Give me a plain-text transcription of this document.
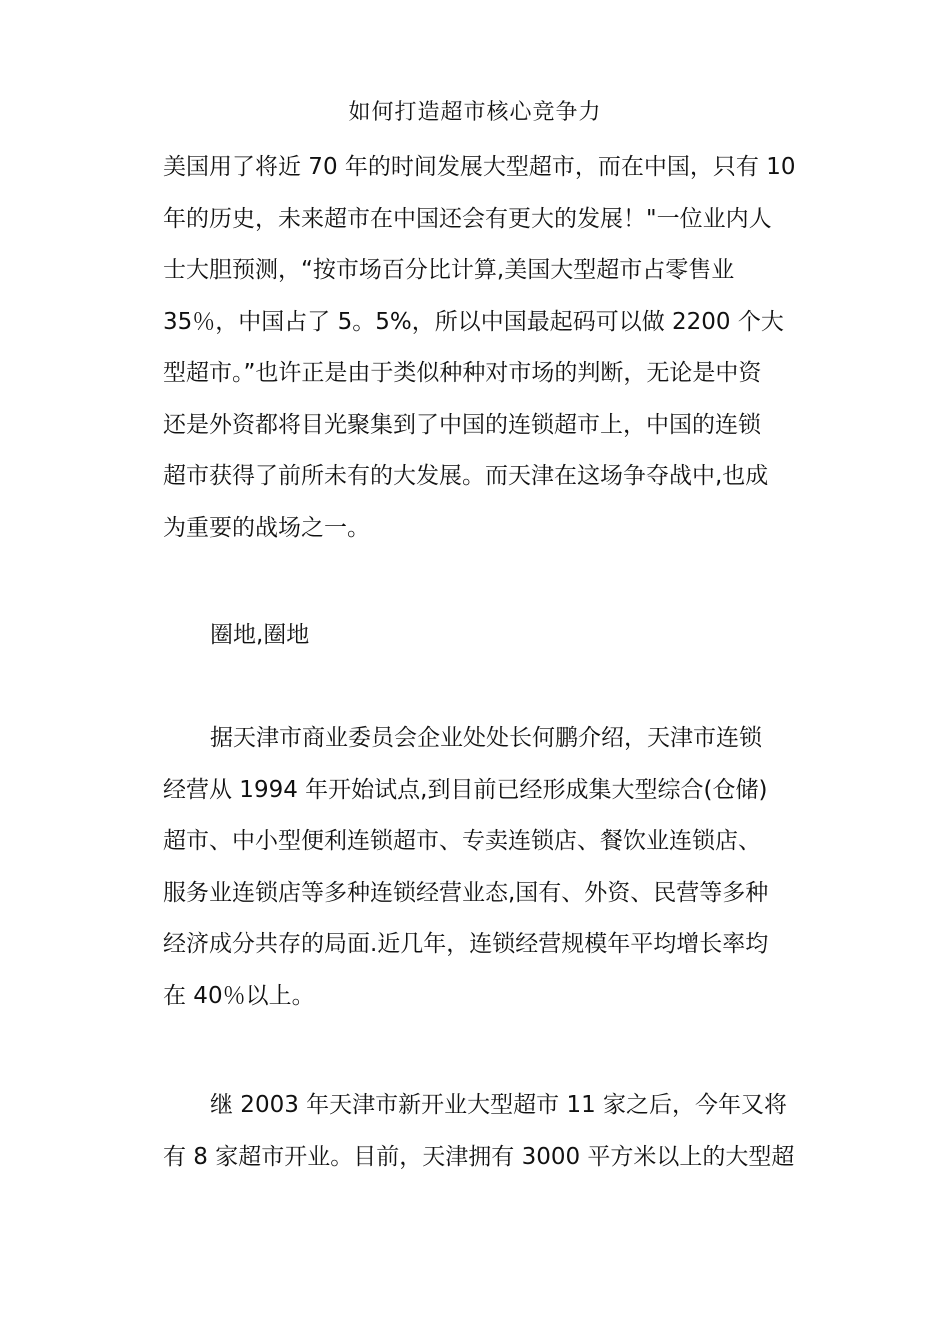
如何打造超市核心竞争力
美国用了将近 70 年的时间发展大型超市，而在中国，只有 10
年的历史，未来超市在中国还会有更大的发展！"一位业内人
士大胆预测，“按市场百分比计算,美国大型超市占零售业
35％，中国占了 5。5%，所以中国最起码可以做 2200 个大
型超市。”也许正是由于类似种种对市场的判断，无论是中资
还是外资都将目光聚集到了中国的连锁超市上，中国的连锁
超市获得了前所未有的大发展。而天津在这场争夺战中,也成
为重要的战场之一。
圈地,圈地
据天津市商业委员会企业处处长何鹏介绍，天津市连锁
经营从 1994 年开始试点,到目前已经形成集大型综合(仓储)
超市、中小型便利连锁超市、专卖连锁店、餐饮业连锁店、
服务业连锁店等多种连锁经营业态,国有、外资、民营等多种
经济成分共存的局面.近几年，连锁经营规模年平均增长率均
在 40％以上。
继 2003 年天津市新开业大型超市 11 家之后，今年又将
有 8 家超市开业。目前，天津拥有 3000 平方米以上的大型超
